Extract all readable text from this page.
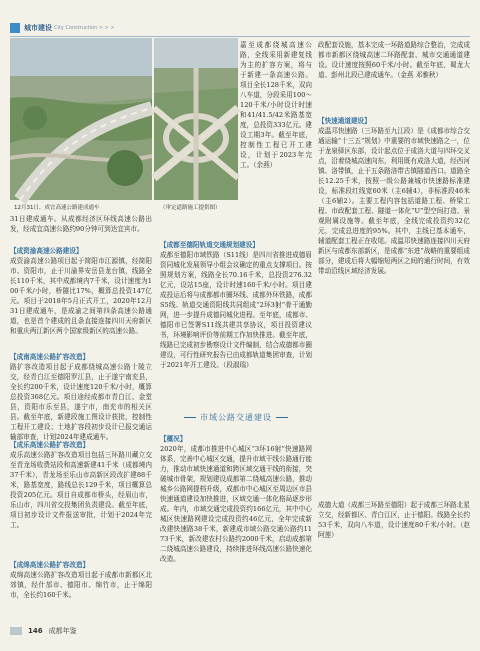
城市建设 City Construction > > >
12月31日，成宜高速公路建成通车	（审定道路施工提供图）

31日建成通车。从成都经济区环线高速公路出发，经成宜高速公路约90分钟可到达宜宾市。

【成资渝高速公路建设】

成资渝高速公路项目起于简阳市江源镇，经简阳市、资阳市，止于川渝界安岳县龙台镇，线路全长110千米，其中成都境内7千米，设计速度为100千米/小时，桥隧比17%，概算总投资147亿元。项目于2018年5月正式开工，2020年12月31日建成通车，是成渝之间第四条高速公路通道，也是首个建成的且条直接连接四川天府新区和重庆两江新区两个国家级新区的高速公路。

【成南高速公路扩容改造】

路扩容改造项目起于成都绕城高速公路十陵立交，经青白江至德阳罗江县，止于遂宁南充县，全长约200千米，设计速度120千米/小时，概算总投资368亿元。项目途经成都市青白江、金堂县，资阳市乐至县，遂宁市，南充市的相关区县。截至年底，新建段施工图设计获批，控制性工程开工建设；土地扩容段初步设计已报交通运输部审查，计划2024年建成通车。

【成乐高速公路扩容改造】

成乐高速公路扩容改造项目包括三环路川藏立交至青龙场收费站段和高速新建41千米（成都境内37千米），青龙场至乐山市高新区段改扩建88千米，路基宽度，路线总长129千米，项目概算总投资205亿元。项目自成都市桥头，经眉山市，乐山市，四川省交投集团负责建设。截至年底，项目初步设计文件报送审批，计划于2024年完工。

【成绵高速公路扩容改造】

成绵高速公路扩容改造项目起于成都市新都区北郊镇，经什邡市、德阳市、绵竹市，止于绵阳市，全长约160千米。

嘉至成都绕城高速公路，全线采用新建复线为主的扩容方案，将与于新建一条高速公路。项目全长128千米，双向八车道，分段采用100～120千米/小时设计时速和41/41.5/42米路基宽度，总投资333亿元。建设工期3年。截至年底，控制性工程已开工建设，计划于2023年完工。（余燕）

【成都至德阳轨道交通规划建设】

成都至德阳市域铁路（S11线）是四川省推进成德眉资同城化发展领导小组会议确定的重点支撑项目。按照规划方案，线路全长70.16千米，总投资276.32亿元，设站15座，设计时速160千米/小时。项目建成投运后将与成都都市圈环线、成都外环铁路，成都S5线、轨道交通资阳线共同组成“2环3射”骨干通勤网，进一步提升成德同城化进程。至年底，成都市、德阳市已签署S11线共建共享协议，项目投资建议书，环境影响评价等前期工作加快推进。截至年底，线路已完成初步勘察设计文件编制，结合成德都市圈建设，可行性研究报告已由成都轨道集团审查，计划于2021年开工建设。（段淑瑞）

市域公路交通建设
【概况】

2020年，成都市推进中心城区“3环16射”快速路网体系，完善中心城区交通，提升市域干线公路通行能力，推动市域快速通道和跨区域交通干线的衔接，突破城市骨架，规划建设成都第二绕城高速公路，推动城乡公路网提档升级，成都市中心城区至周边区市县快速通道建设加快推进，区域交通一体化格局逐步形成。年内，市域交通完成投资约166亿元，其中中心城区快速路网建设完成投资约46亿元，全年完成新改建快速路38千米，新建成市域公路交通公路约1173千米，新改建农村公路约2000千米，启动成都第二绕城高速公路建设，持续推进环线高速公路快速化改造。

政配套设施，基本完成一环路道路综合整治，完成成都市新都区绕城高速二环路配套、城市交通通道建设。设计速度按照60千米/小时。截至年底，蜀龙大道、彭州北段已建成通车。（金燕 邓雅秋）

【快速通道建设】

成温邛快速路（三环路至九江段）是《成都市综合交通运输“十三五”规划》中重要的市域快速路之一，位于龙泉驿区东部，设计起点位于成洛大道与四环交叉点，沿着绕城高速向东，利用既有成洛大道，经西河镇、洛带镇，止于五条路洛带古镇隧道西口。道路全长12.25千米，按照一级公路兼城市快速路标准建设，标准段红线宽60米（主6辅4），非标准段46米（主6辅2）。主要工程内容包括道路工程、桥梁工程、市政配套工程、隧道一体化“U”型空间打造、景观附属设施等。截至年底，全线完成投资约32亿元，完成总进度的95%。其中，主线已基本通车，辅道配套工程正在收尾。成温邛快速路连接四川天府新区与成都东部新区，是成都“东进”战略的重要组成部分，建成后将大幅缩短两区之间的通行时间，有效带动沿线区域经济发展。

成德大道（成都三环路至德阳）起于成都三环路北星立交，经新都区、青白江区，止于德阳。线路全长约53千米，双向八车道，设计速度80千米/小时。（赵阿莲）

146 成都年鉴
